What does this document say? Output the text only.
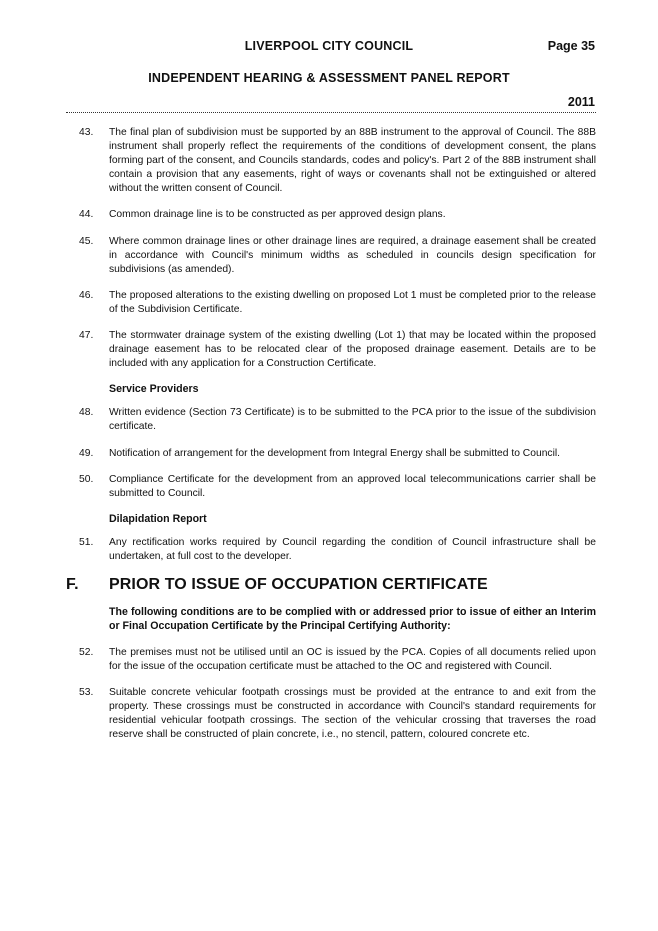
LIVERPOOL CITY COUNCIL	Page 35
INDEPENDENT HEARING & ASSESSMENT PANEL REPORT
2011
43. The final plan of subdivision must be supported by an 88B instrument to the approval of Council. The 88B instrument shall properly reflect the requirements of the conditions of development consent, the plans forming part of the consent, and Councils standards, codes and policy's. Part 2 of the 88B instrument shall contain a provision that any easements, right of ways or covenants shall not be extinguished or altered without the written consent of Council.
44. Common drainage line is to be constructed as per approved design plans.
45. Where common drainage lines or other drainage lines are required, a drainage easement shall be created in accordance with Council's minimum widths as scheduled in councils design specification for subdivisions (as amended).
46. The proposed alterations to the existing dwelling on proposed Lot 1 must be completed prior to the release of the Subdivision Certificate.
47. The stormwater drainage system of the existing dwelling (Lot 1) that may be located within the proposed drainage easement has to be relocated clear of the proposed drainage easement. Details are to be included with any application for a Construction Certificate.
Service Providers
48. Written evidence (Section 73 Certificate) is to be submitted to the PCA prior to the issue of the subdivision certificate.
49. Notification of arrangement for the development from Integral Energy shall be submitted to Council.
50. Compliance Certificate for the development from an approved local telecommunications carrier shall be submitted to Council.
Dilapidation Report
51. Any rectification works required by Council regarding the condition of Council infrastructure shall be undertaken, at full cost to the developer.
F. PRIOR TO ISSUE OF OCCUPATION CERTIFICATE
The following conditions are to be complied with or addressed prior to issue of either an Interim or Final Occupation Certificate by the Principal Certifying Authority:
52. The premises must not be utilised until an OC is issued by the PCA. Copies of all documents relied upon for the issue of the occupation certificate must be attached to the OC and registered with Council.
53. Suitable concrete vehicular footpath crossings must be provided at the entrance to and exit from the property. These crossings must be constructed in accordance with Council's standard requirements for residential vehicular footpath crossings. The section of the vehicular crossing that traverses the road reserve shall be constructed of plain concrete, i.e., no stencil, pattern, coloured concrete etc.
